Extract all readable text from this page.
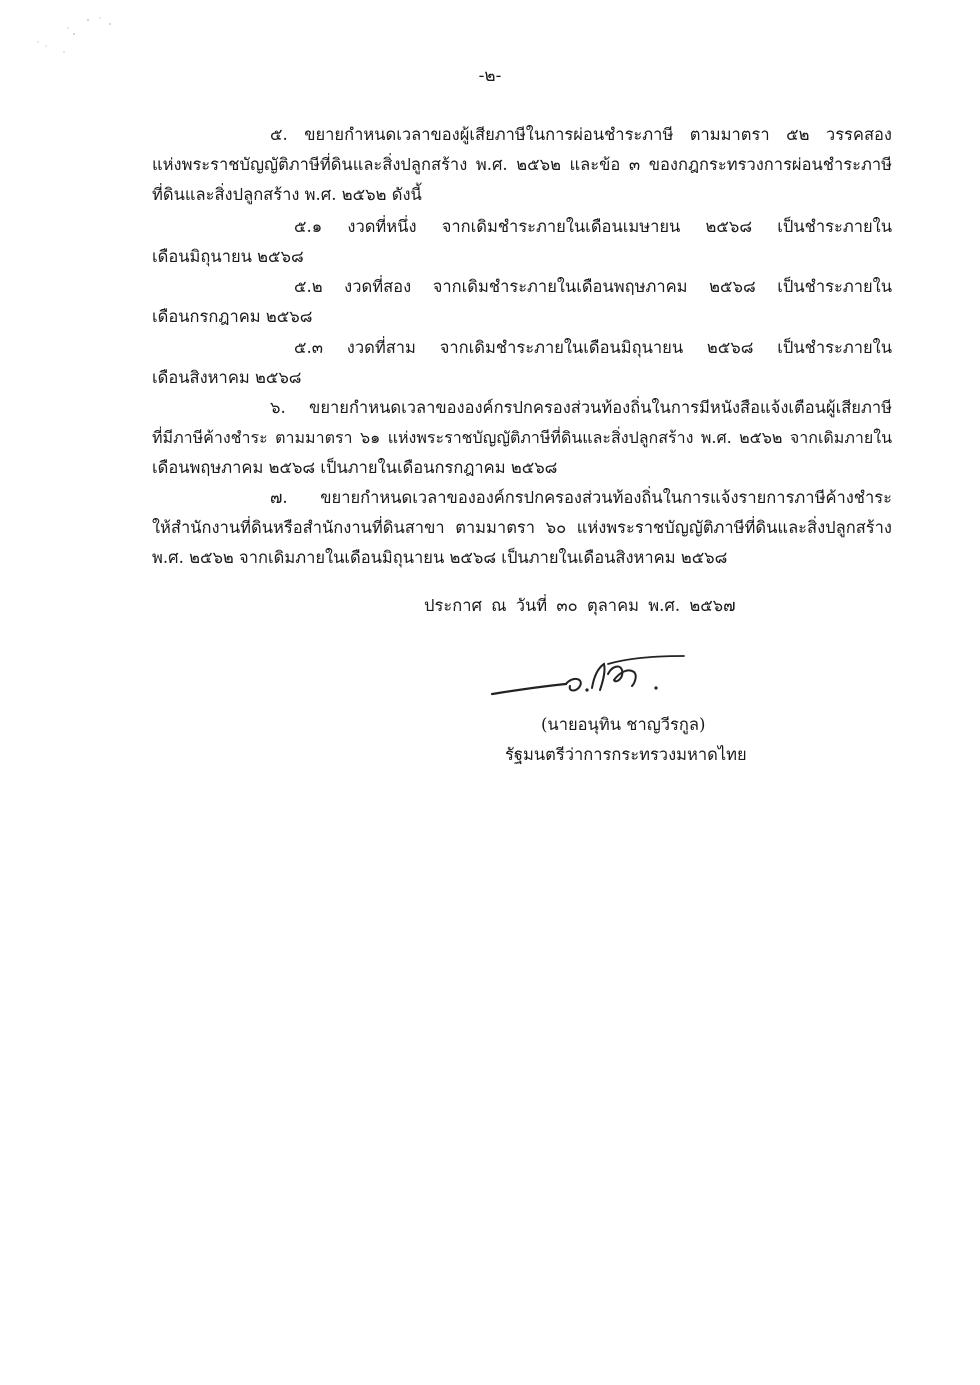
-๒-
๕. ขยายกำหนดเวลาของผู้เสียภาษีในการผ่อนชำระภาษี ตามมาตรา ๕๒ วรรคสอง
แห่งพระราชบัญญัติภาษีที่ดินและสิ่งปลูกสร้าง พ.ศ. ๒๕๖๒ และข้อ ๓ ของกฎกระทรวงการผ่อนชำระภาษี
ที่ดินและสิ่งปลูกสร้าง พ.ศ. ๒๕๖๒ ดังนี้
๕.๑ งวดที่หนึ่ง จากเดิมชำระภายในเดือนเมษายน ๒๕๖๘ เป็นชำระภายใน
เดือนมิถุนายน ๒๕๖๘
๕.๒ งวดที่สอง จากเดิมชำระภายในเดือนพฤษภาคม ๒๕๖๘ เป็นชำระภายใน
เดือนกรกฎาคม ๒๕๖๘
๕.๓ งวดที่สาม จากเดิมชำระภายในเดือนมิถุนายน ๒๕๖๘ เป็นชำระภายใน
เดือนสิงหาคม ๒๕๖๘
๖. ขยายกำหนดเวลาขององค์กรปกครองส่วนท้องถิ่นในการมีหนังสือแจ้งเตือนผู้เสียภาษี
ที่มีภาษีค้างชำระ ตามมาตรา ๖๑ แห่งพระราชบัญญัติภาษีที่ดินและสิ่งปลูกสร้าง พ.ศ. ๒๕๖๒ จากเดิมภายใน
เดือนพฤษภาคม ๒๕๖๘ เป็นภายในเดือนกรกฎาคม ๒๕๖๘
๗. ขยายกำหนดเวลาขององค์กรปกครองส่วนท้องถิ่นในการแจ้งรายการภาษีค้างชำระ
ให้สำนักงานที่ดินหรือสำนักงานที่ดินสาขา ตามมาตรา ๖๐ แห่งพระราชบัญญัติภาษีที่ดินและสิ่งปลูกสร้าง
พ.ศ. ๒๕๖๒ จากเดิมภายในเดือนมิถุนายน ๒๕๖๘ เป็นภายในเดือนสิงหาคม ๒๕๖๘
ประกาศ ณ วันที่ ๓๐ ตุลาคม พ.ศ. ๒๕๖๗
(นายอนุทิน ชาญวีรกูล)
รัฐมนตรีว่าการกระทรวงมหาดไทย
